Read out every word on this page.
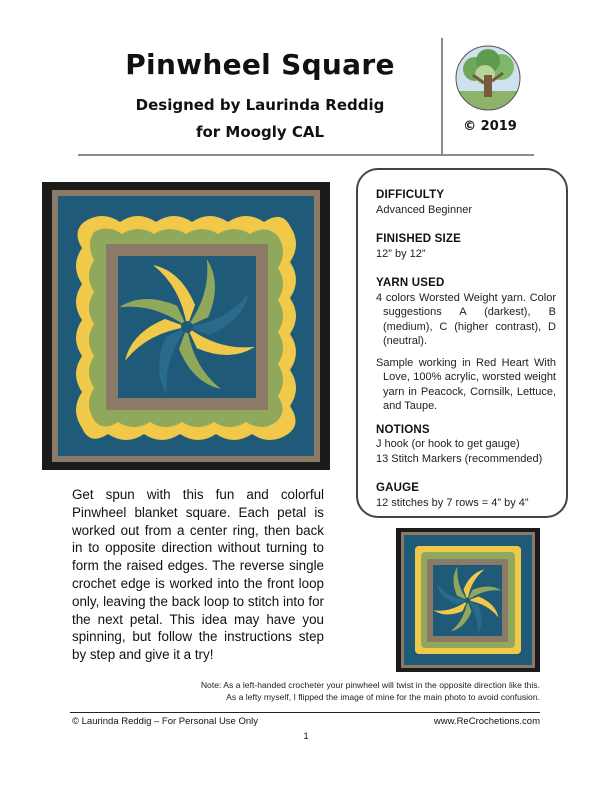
Pinwheel Square
Designed by Laurinda Reddig
for Moogly CAL	© 2019
DIFFICULTY
Advanced Beginner
FINISHED SIZE
12” by 12”
YARN USED
4 colors Worsted Weight yarn. Color suggestions A (darkest), B (medium), C (higher contrast), D (neutral).
Sample working in Red Heart With Love, 100% acrylic, worsted weight yarn in Peacock, Cornsilk, Lettuce, and Taupe.
NOTIONS
J hook (or hook to get gauge)
13 Stitch Markers (recommended)
GAUGE
12 stitches by 7 rows = 4” by 4”
Get spun with this fun and colorful Pinwheel blanket square. Each petal is worked out from a center ring, then back in to opposite direction without turning to form the raised edges. The reverse single crochet edge is worked into the front loop only, leaving the back loop to stitch into for the next petal. This idea may have you spinning, but follow the instructions step by step and give it a try!
Note: As a left-handed crocheter your pinwheel will twist in the opposite direction like this.
As a lefty myself, I flipped the image of mine for the main photo to avoid confusion.
© Laurinda Reddig – For Personal Use Only	www.ReCrochetions.com
1
